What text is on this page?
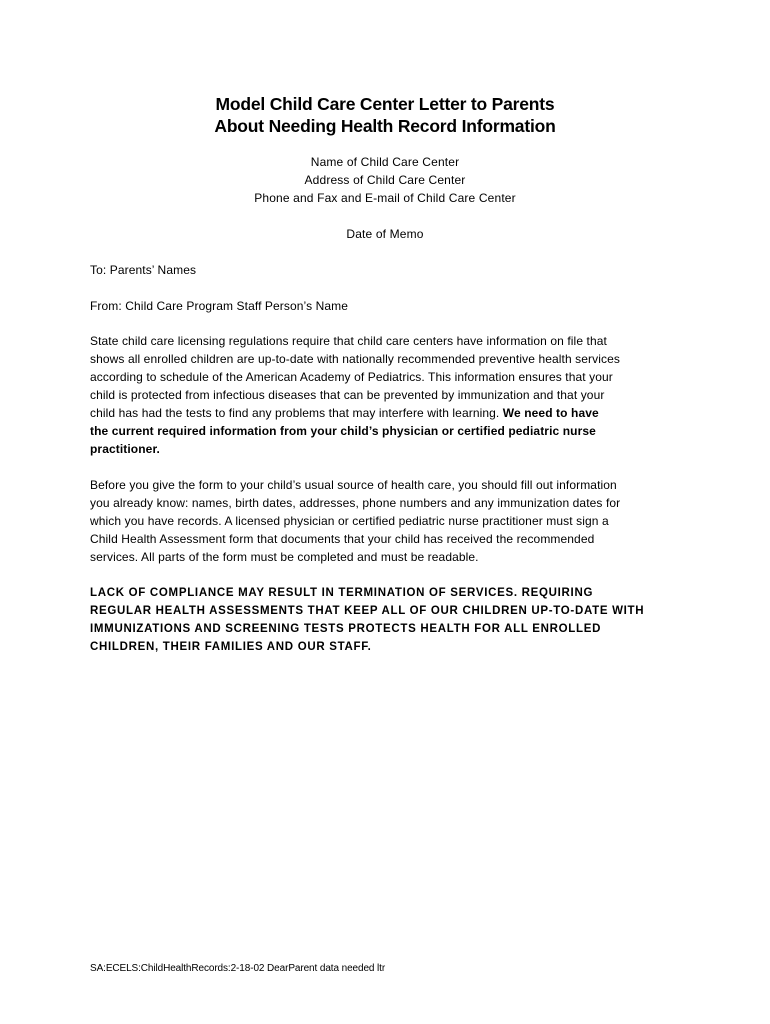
Model Child Care Center Letter to Parents
About Needing Health Record Information
Name of Child Care Center
Address of Child Care Center
Phone and Fax and E-mail of Child Care Center
Date of Memo
To: Parents’ Names
From: Child Care Program Staff Person’s Name
State child care licensing regulations require that child care centers have information on file that
shows all enrolled children are up-to-date with nationally recommended preventive health services
according to schedule of the American Academy of Pediatrics. This information ensures that your
child is protected from infectious diseases that can be prevented by immunization and that your
child has had the tests to find any problems that may interfere with learning. We need to have
the current required information from your child’s physician or certified pediatric nurse
practitioner.
Before you give the form to your child’s usual source of health care, you should fill out information
you already know: names, birth dates, addresses, phone numbers and any immunization dates for
which you have records. A licensed physician or certified pediatric nurse practitioner must sign a
Child Health Assessment form that documents that your child has received the recommended
services. All parts of the form must be completed and must be readable.
LACK OF COMPLIANCE MAY RESULT IN TERMINATION OF SERVICES. REQUIRING
REGULAR HEALTH ASSESSMENTS THAT KEEP ALL OF OUR CHILDREN UP-TO-DATE WITH
IMMUNIZATIONS AND SCREENING TESTS PROTECTS HEALTH FOR ALL ENROLLED
CHILDREN, THEIR FAMILIES AND OUR STAFF.
SA:ECELS:ChildHealthRecords:2-18-02 DearParent data needed ltr
